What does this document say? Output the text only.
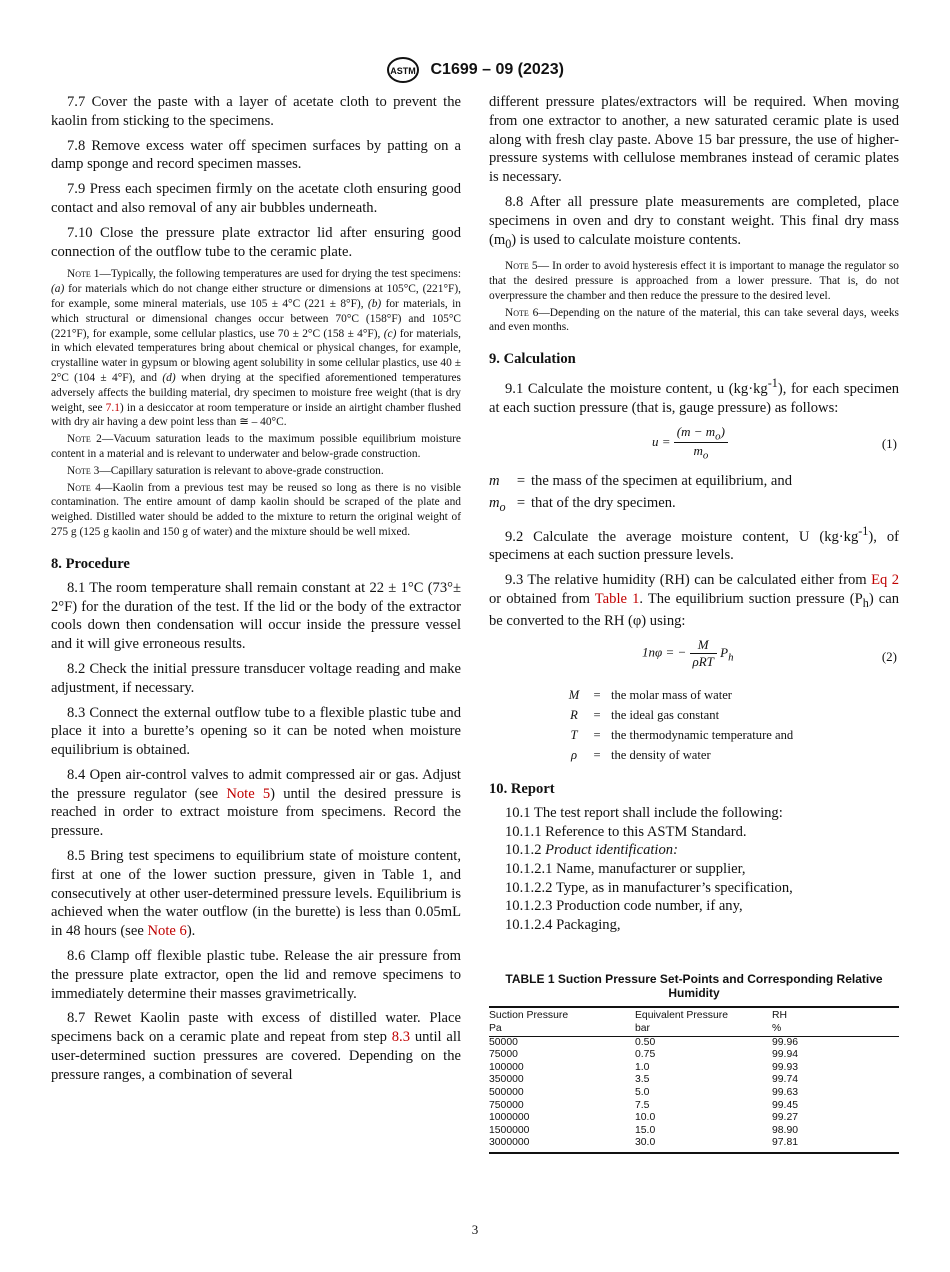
ASTM C1699 – 09 (2023)

7.7 Cover the paste with a layer of acetate cloth to prevent the kaolin from sticking to the specimens.

7.8 Remove excess water off specimen surfaces by patting on a damp sponge and record specimen masses.

7.9 Press each specimen firmly on the acetate cloth ensuring good contact and also removal of any air bubbles underneath.

7.10 Close the pressure plate extractor lid after ensuring good connection of the outflow tube to the ceramic plate.

Note 1—Typically, the following temperatures are used for drying the test specimens: (a) for materials which do not change either structure or dimensions at 105°C, (221°F), for example, some mineral materials, use 105 ± 4°C (221 ± 8°F), (b) for materials, in which structural or dimensional changes occur between 70°C (158°F) and 105°C (221°F), for example, some cellular plastics, use 70 ± 2°C (158 ± 4°F), (c) for materials, in which elevated temperatures bring about chemical or physical changes, for example, crystalline water in gypsum or blowing agent solubility in some cellular plastics, use 40 ± 2°C (104 ± 4°F), and (d) when drying at the specified aforementioned temperatures adversely affects the building material, dry specimen to moisture free weight (that is dry weight, see 7.1) in a desiccator at room temperature or inside an airtight chamber flushed with dry air having a dew point less than ≅ – 40°C.

Note 2—Vacuum saturation leads to the maximum possible equilibrium moisture content in a material and is relevant to underwater and below-grade construction.

Note 3—Capillary saturation is relevant to above-grade construction.

Note 4—Kaolin from a previous test may be reused so long as there is no visible contamination. The entire amount of damp kaolin should be scraped of the plate and weighed. Distilled water should be added to the mixture to return the original weight of 275 g (125 g kaolin and 150 g of water) and the mixture should be well mixed.

8. Procedure

8.1 The room temperature shall remain constant at 22 ± 1°C (73°± 2°F) for the duration of the test. If the lid or the body of the extractor cools down then condensation will occur inside the pressure vessel and it will give erroneous results.

8.2 Check the initial pressure transducer voltage reading and make adjustment, if necessary.

8.3 Connect the external outflow tube to a flexible plastic tube and place it into a burette’s opening so it can be noted when moisture equilibrium is obtained.

8.4 Open air-control valves to admit compressed air or gas. Adjust the pressure regulator (see Note 5) until the desired pressure is reached in order to extract moisture from specimens. Record the pressure.

8.5 Bring test specimens to equilibrium state of moisture content, first at one of the lower suction pressure, given in Table 1, and consecutively at other user-determined pressure levels. Equilibrium is achieved when the water outflow (in the burette) is less than 0.05mL in 48 hours (see Note 6).

8.6 Clamp off flexible plastic tube. Release the air pressure from the pressure plate extractor, open the lid and remove specimens to immediately determine their masses gravimetrically.

8.7 Rewet Kaolin paste with excess of distilled water. Place specimens back on a ceramic plate and repeat from step 8.3 until all user-determined suction pressures are covered. Depending on the pressure ranges, a combination of several

different pressure plates/extractors will be required. When moving from one extractor to another, a new saturated ceramic plate is used along with fresh clay paste. Above 15 bar pressure, the use of higher-pressure systems with cellulose membranes instead of ceramic plates is necessary.

8.8 After all pressure plate measurements are completed, place specimens in oven and dry to constant weight. This final dry mass $(m_0)$ is used to calculate moisture contents.

Note 5— In order to avoid hysteresis effect it is important to manage the regulator so that the desired pressure is approached from a lower pressure. That is, do not overpressure the chamber and then reduce the pressure to the desired level.

Note 6—Depending on the nature of the material, this can take several days, weeks and even months.

9. Calculation

9.1 Calculate the moisture content, u $(kg\cdot kg^{-1})$, for each specimen at each suction pressure (that is, gauge pressure) as follows:

$u = \frac{(m - m_o)}{m_o}$	(1)
m	= the mass of the specimen at equilibrium, and
$m_o$ = that of the dry specimen.

9.2 Calculate the average moisture content, U $(kg\cdot kg^{-1})$, of specimens at each suction pressure levels.

9.3 The relative humidity (RH) can be calculated either from Eq 2 or obtained from Table 1. The equilibrium suction pressure $(P_h)$ can be converted to the RH (φ) using:

1nφ = − $\frac{M}{\text{ρRT}} P_h$	(2)
M	= the molar mass of water
R	= the ideal gas constant
T	= the thermodynamic temperature and
ρ	= the density of water
10. Report
10.1 The test report shall include the following:
10.1.1 Reference to this ASTM Standard.
10.1.2 Product identification:
10.1.2.1 Name, manufacturer or supplier,
10.1.2.2 Type, as in manufacturer’s specification,
10.1.2.3 Production code number, if any,
10.1.2.4 Packaging,
TABLE 1 Suction Pressure Set-Points and Corresponding Relative Humidity
Suction Pressure	Equivalent Pressure	RH
Pa	bar	%
50000	0.50	99.96
75000	0.75	99.94
100000	1.0	99.93
350000	3.5	99.74
500000	5.0	99.63
750000	7.5	99.45
1000000	10.0	99.27
1500000	15.0	98.90
3000000	30.0	97.81
3
